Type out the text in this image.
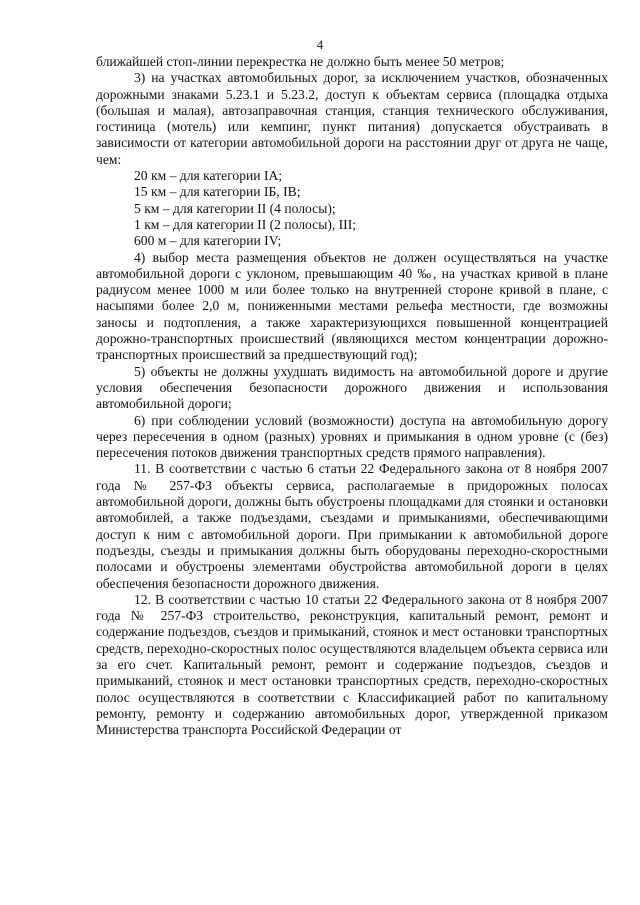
4

ближайшей стоп-линии перекрестка не должно быть менее 50 метров;

3) на участках автомобильных дорог, за исключением участков, обозначенных дорожными знаками 5.23.1 и 5.23.2, доступ к объектам сервиса (площадка отдыха (большая и малая), автозаправочная станция, станция технического обслуживания, гостиница (мотель) или кемпинг, пункт питания) допускается обустраивать в зависимости от категории автомобильной дороги на расстоянии друг от друга не чаще, чем:

20 км – для категории IА;

15 км – для категории IБ, IВ;

5 км – для категории II (4 полосы);

1 км – для категории II (2 полосы), III;

600 м – для категории IV;

4) выбор места размещения объектов не должен осуществляться на участке автомобильной дороги с уклоном, превышающим 40 ‰, на участках кривой в плане радиусом менее 1000 м или более только на внутренней стороне кривой в плане, с насыпями более 2,0 м, пониженными местами рельефа местности, где возможны заносы и подтопления, а также характеризующихся повышенной концентрацией дорожно-транспортных происшествий (являющихся местом концентрации дорожно-транспортных происшествий за предшествующий год);

5) объекты не должны ухудшать видимость на автомобильной дороге и другие условия обеспечения безопасности дорожного движения и использования автомобильной дороги;

6) при соблюдении условий (возможности) доступа на автомобильную дорогу через пересечения в одном (разных) уровнях и примыкания в одном уровне (с (без) пересечения потоков движения транспортных средств прямого направления).

11. В соответствии с частью 6 статьи 22 Федерального закона от 8 ноября 2007 года № 257-ФЗ объекты сервиса, располагаемые в придорожных полосах автомобильной дороги, должны быть обустроены площадками для стоянки и остановки автомобилей, а также подъездами, съездами и примыканиями, обеспечивающими доступ к ним с автомобильной дороги. При примыкании к автомобильной дороге подъезды, съезды и примыкания должны быть оборудованы переходно-скоростными полосами и обустроены элементами обустройства автомобильной дороги в целях обеспечения безопасности дорожного движения.

12. В соответствии с частью 10 статьи 22 Федерального закона от 8 ноября 2007 года № 257-ФЗ строительство, реконструкция, капитальный ремонт, ремонт и содержание подъездов, съездов и примыканий, стоянок и мест остановки транспортных средств, переходно-скоростных полос осуществляются владельцем объекта сервиса или за его счет. Капитальный ремонт, ремонт и содержание подъездов, съездов и примыканий, стоянок и мест остановки транспортных средств, переходно-скоростных полос осуществляются в соответствии с Классификацией работ по капитальному ремонту, ремонту и содержанию автомобильных дорог, утвержденной приказом Министерства транспорта Российской Федерации от
